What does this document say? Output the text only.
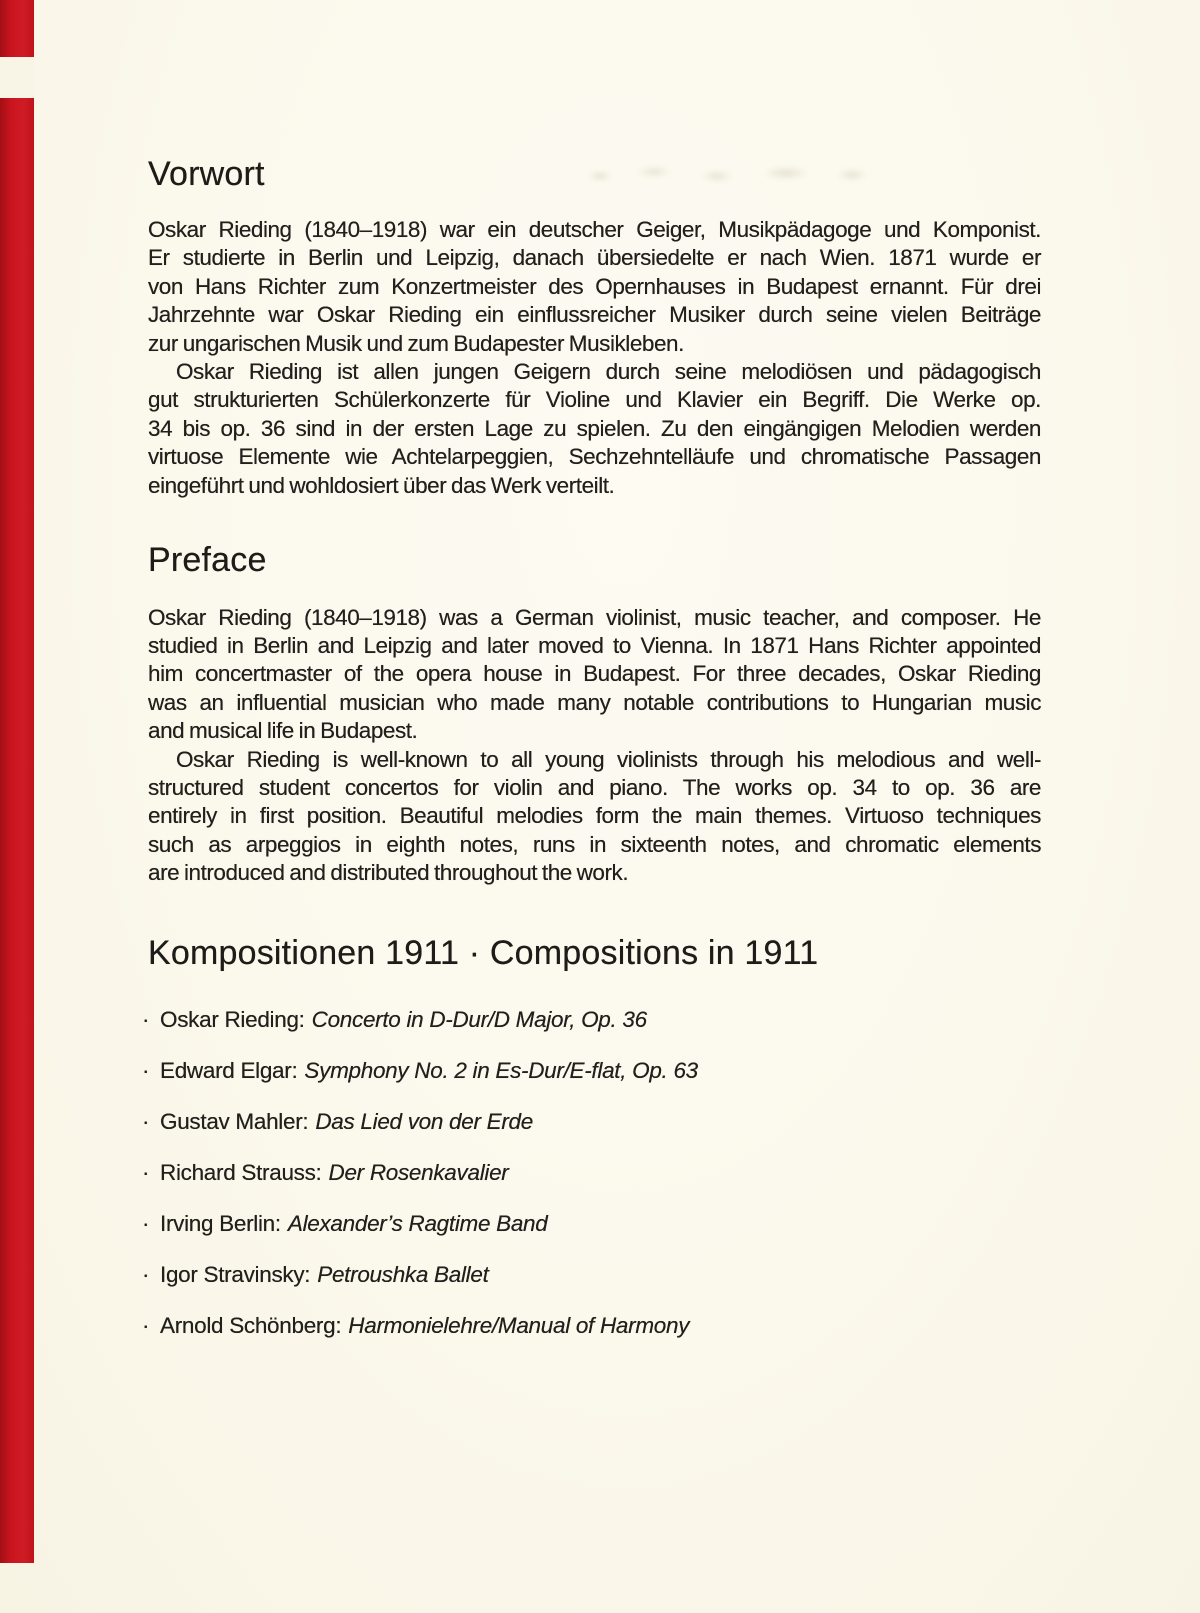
Vorwort
Oskar Rieding (1840–1918) war ein deutscher Geiger, Musikpädagoge und Komponist.
Er studierte in Berlin und Leipzig, danach übersiedelte er nach Wien. 1871 wurde er
von Hans Richter zum Konzertmeister des Opernhauses in Budapest ernannt. Für drei
Jahrzehnte war Oskar Rieding ein einflussreicher Musiker durch seine vielen Beiträge
zur ungarischen Musik und zum Budapester Musikleben.
Oskar Rieding ist allen jungen Geigern durch seine melodiösen und pädagogisch
gut strukturierten Schülerkonzerte für Violine und Klavier ein Begriff. Die Werke op.
34 bis op. 36 sind in der ersten Lage zu spielen. Zu den eingängigen Melodien werden
virtuose Elemente wie Achtelarpeggien, Sechzehntelläufe und chromatische Passagen
eingeführt und wohldosiert über das Werk verteilt.
Preface
Oskar Rieding (1840–1918) was a German violinist, music teacher, and composer. He
studied in Berlin and Leipzig and later moved to Vienna. In 1871 Hans Richter appointed
him concertmaster of the opera house in Budapest. For three decades, Oskar Rieding
was an influential musician who made many notable contributions to Hungarian music
and musical life in Budapest.
Oskar Rieding is well-known to all young violinists through his melodious and well-
structured student concertos for violin and piano. The works op. 34 to op. 36 are
entirely in first position. Beautiful melodies form the main themes. Virtuoso techniques
such as arpeggios in eighth notes, runs in sixteenth notes, and chromatic elements
are introduced and distributed throughout the work.
Kompositionen 1911 · Compositions in 1911
· Oskar Rieding: Concerto in D-Dur/D Major, Op. 36
· Edward Elgar: Symphony No. 2 in Es-Dur/E-flat, Op. 63
· Gustav Mahler: Das Lied von der Erde
· Richard Strauss: Der Rosenkavalier
· Irving Berlin: Alexander’s Ragtime Band
· Igor Stravinsky: Petroushka Ballet
· Arnold Schönberg: Harmonielehre/Manual of Harmony
